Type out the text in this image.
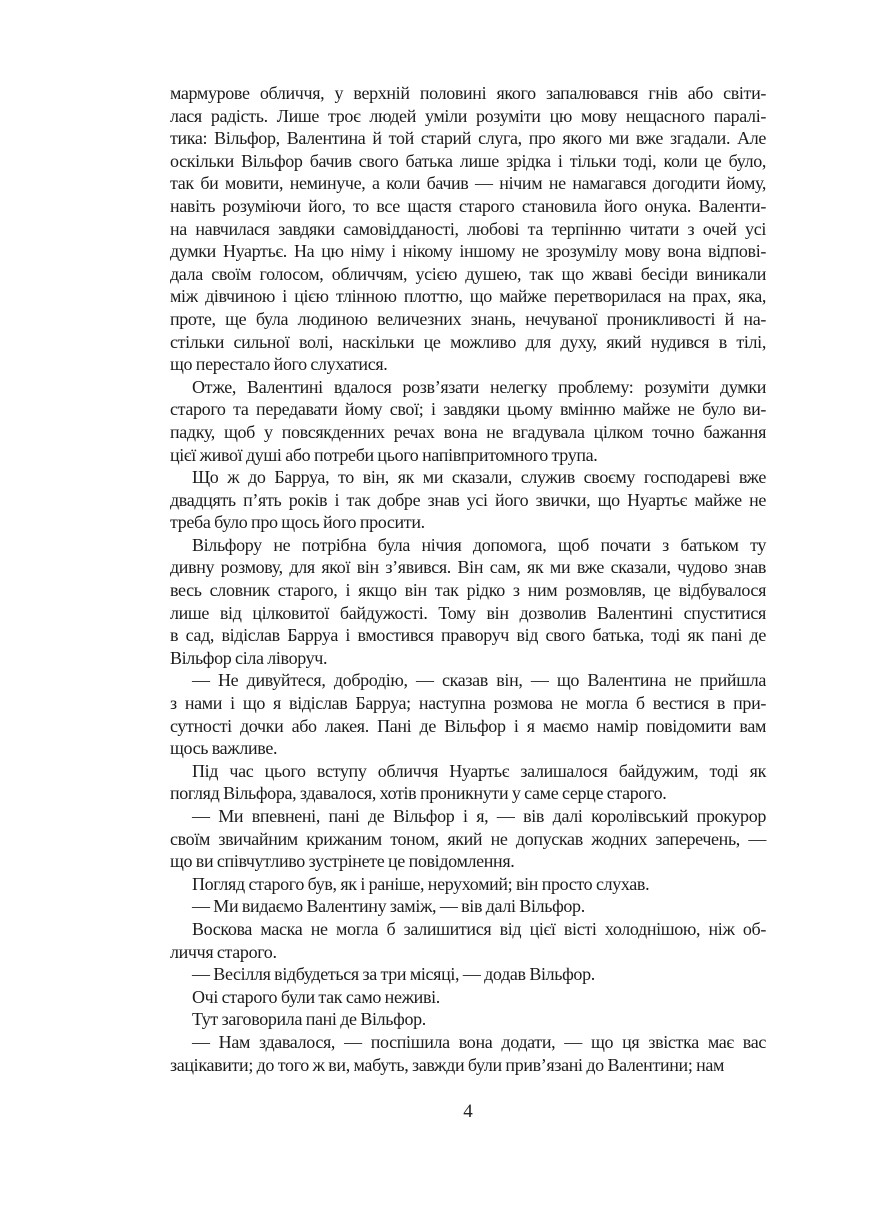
мармурове обличчя, у верхній половині якого запалювався гнів або світи-
лася радість. Лише троє людей уміли розуміти цю мову нещасного паралі-
тика: Вільфор, Валентина й той старий слуга, про якого ми вже згадали. Але
оскільки Вільфор бачив свого батька лише зрідка і тільки тоді, коли це було,
так би мовити, неминуче, а коли бачив — нічим не намагався догодити йому,
навіть розуміючи його, то все щастя старого становила його онука. Валенти-
на навчилася завдяки самовідданості, любові та терпінню читати з очей усі
думки Нуартьє. На цю німу і нікому іншому не зрозумілу мову вона відпові-
дала своїм голосом, обличчям, усією душею, так що жваві бесіди виникали
між дівчиною і цією тлінною плоттю, що майже перетворилася на прах, яка,
проте, ще була людиною величезних знань, нечуваної проникливості й на-
стільки сильної волі, наскільки це можливо для духу, який нудився в тілі,
що перестало його слухатися.
Отже, Валентині вдалося розв’язати нелегку проблему: розуміти думки
старого та передавати йому свої; і завдяки цьому вмінню майже не було ви-
падку, щоб у повсякденних речах вона не вгадувала цілком точно бажання
цієї живої душі або потреби цього напівпритомного трупа.
Що ж до Барруа, то він, як ми сказали, служив своєму господареві вже
двадцять п’ять років і так добре знав усі його звички, що Нуартьє майже не
треба було про щось його просити.
Вільфору не потрібна була нічия допомога, щоб почати з батьком ту
дивну розмову, для якої він з’явився. Він сам, як ми вже сказали, чудово знав
весь словник старого, і якщо він так рідко з ним розмовляв, це відбувалося
лише від цілковитої байдужості. Тому він дозволив Валентині спуститися
в сад, відіслав Барруа і вмостився праворуч від свого батька, тоді як пані де
Вільфор сіла ліворуч.
— Не дивуйтеся, добродію, — сказав він, — що Валентина не прийшла
з нами і що я відіслав Барруа; наступна розмова не могла б вестися в при-
сутності дочки або лакея. Пані де Вільфор і я маємо намір повідомити вам
щось важливе.
Під час цього вступу обличчя Нуартьє залишалося байдужим, тоді як
погляд Вільфора, здавалося, хотів проникнути у саме серце старого.
— Ми впевнені, пані де Вільфор і я, — вів далі королівський прокурор
своїм звичайним крижаним тоном, який не допускав жодних заперечень, —
що ви співчутливо зустрінете це повідомлення.
Погляд старого був, як і раніше, нерухомий; він просто слухав.
— Ми видаємо Валентину заміж, — вів далі Вільфор.
Воскова маска не могла б залишитися від цієї вісті холоднішою, ніж об-
личчя старого.
— Весілля відбудеться за три місяці, — додав Вільфор.
Очі старого були так само неживі.
Тут заговорила пані де Вільфор.
— Нам здавалося, — поспішила вона додати, — що ця звістка має вас
зацікавити; до того ж ви, мабуть, завжди були прив’язані до Валентини; нам
4
